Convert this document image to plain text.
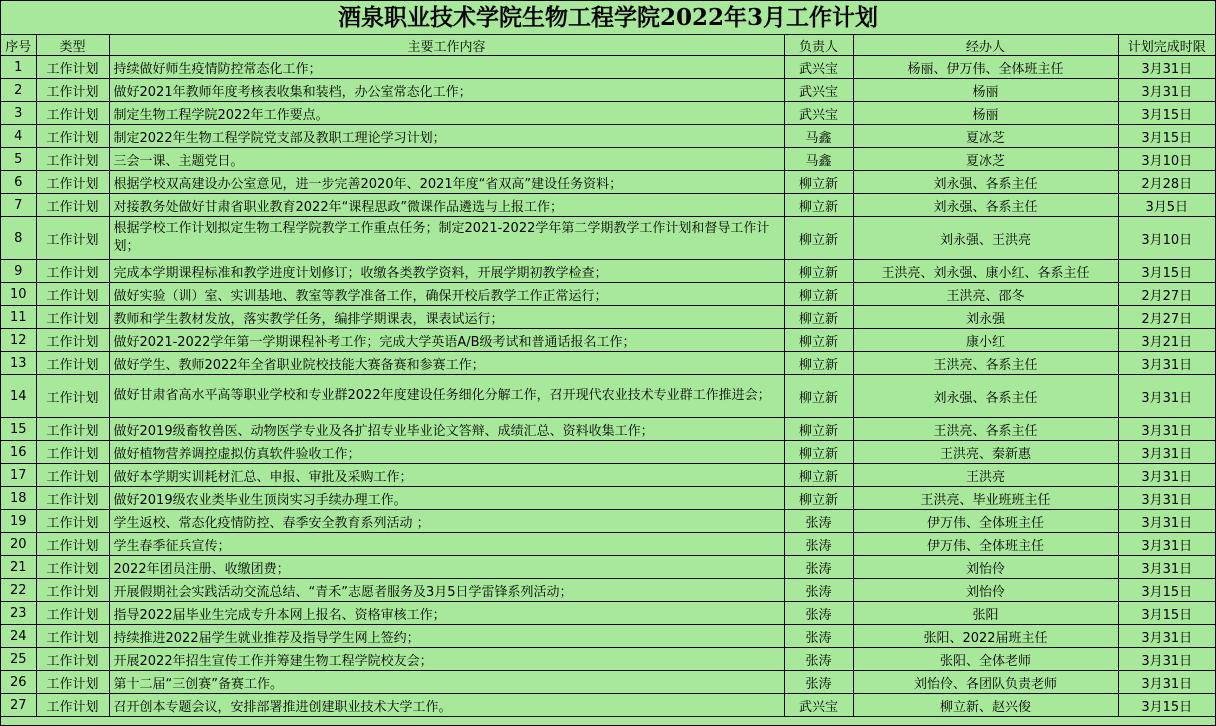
酒泉职业技术学院生物工程学院2022年3月工作计划
序号	类型	主要工作内容	负责人	经办人	计划完成时限
1	工作计划	持续做好师生疫情防控常态化工作；	武兴宝	杨丽、伊万伟、全体班主任	3月31日
2	工作计划	做好2021年教师年度考核表收集和装档，办公室常态化工作；	武兴宝	杨丽	3月31日
3	工作计划	制定生物工程学院2022年工作要点。	武兴宝	杨丽	3月15日
4	工作计划	制定2022年生物工程学院党支部及教职工理论学习计划；	马鑫	夏冰芝	3月15日
5	工作计划	三会一课、主题党日。	马鑫	夏冰芝	3月10日
6	工作计划	根据学校双高建设办公室意见，进一步完善2020年、2021年度“省双高”建设任务资料；	柳立新	刘永强、各系主任	2月28日
7	工作计划	对接教务处做好甘肃省职业教育2022年“课程思政”微课作品遴选与上报工作；	柳立新	刘永强、各系主任	3月5日
8	工作计划	根据学校工作计划拟定生物工程学院教学工作重点任务；制定2021-2022学年第二学期教学工作计划和督导工作计划；	柳立新	刘永强、王洪亮	3月10日
9	工作计划	完成本学期课程标准和教学进度计划修订；收缴各类教学资料，开展学期初教学检查；	柳立新	王洪亮、刘永强、康小红、各系主任	3月15日
10	工作计划	做好实验（训）室、实训基地、教室等教学准备工作，确保开校后教学工作正常运行；	柳立新	王洪亮、邵冬	2月27日
11	工作计划	教师和学生教材发放，落实教学任务，编排学期课表，课表试运行；	柳立新	刘永强	2月27日
12	工作计划	做好2021-2022学年第一学期课程补考工作；完成大学英语A/B级考试和普通话报名工作；	柳立新	康小红	3月21日
13	工作计划	做好学生、教师2022年全省职业院校技能大赛备赛和参赛工作；	柳立新	王洪亮、各系主任	3月31日
14	工作计划	做好甘肃省高水平高等职业学校和专业群2022年度建设任务细化分解工作，召开现代农业技术专业群工作推进会；	柳立新	刘永强、各系主任	3月31日
15	工作计划	做好2019级畜牧兽医、动物医学专业及各扩招专业毕业论文答辩、成绩汇总、资料收集工作；	柳立新	王洪亮、各系主任	3月31日
16	工作计划	做好植物营养调控虚拟仿真软件验收工作；	柳立新	王洪亮、秦新惠	3月31日
17	工作计划	做好本学期实训耗材汇总、申报、审批及采购工作；	柳立新	王洪亮	3月31日
18	工作计划	做好2019级农业类毕业生顶岗实习手续办理工作。	柳立新	王洪亮、毕业班班主任	3月31日
19	工作计划	学生返校、常态化疫情防控、春季安全教育系列活动 ；	张涛	伊万伟、全体班主任	3月31日
20	工作计划	学生春季征兵宣传；	张涛	伊万伟、全体班主任	3月31日
21	工作计划	2022年团员注册、收缴团费；	张涛	刘怡伶	3月31日
22	工作计划	开展假期社会实践活动交流总结、“青禾”志愿者服务及3月5日学雷锋系列活动；	张涛	刘怡伶	3月15日
23	工作计划	指导2022届毕业生完成专升本网上报名、资格审核工作；	张涛	张阳	3月15日
24	工作计划	持续推进2022届学生就业推荐及指导学生网上签约；	张涛	张阳、2022届班主任	3月31日
25	工作计划	开展2022年招生宣传工作并筹建生物工程学院校友会；	张涛	张阳、全体老师	3月31日
26	工作计划	第十二届“三创赛”备赛工作。	张涛	刘怡伶、各团队负责老师	3月31日
27	工作计划	召开创本专题会议，安排部署推进创建职业技术大学工作。	武兴宝	柳立新、赵兴俊	3月15日
